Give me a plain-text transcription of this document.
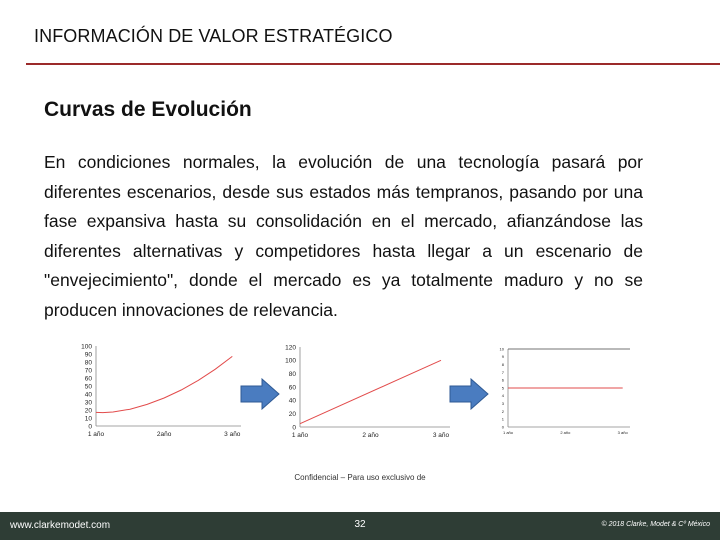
INFORMACIÓN DE VALOR ESTRATÉGICO
Curvas de Evolución
En condiciones normales, la evolución de una tecnología pasará por diferentes escenarios, desde sus estados más tempranos, pasando por una fase expansiva hasta su consolidación en el mercado, afianzándose las diferentes alternativas y competidores hasta llegar a un escenario de "envejecimiento", donde el mercado es ya totalmente maduro y no se producen innovaciones de relevancia.
0
10
20
30
40
50
60
70
80
90
100
1 año	2año	3 año
0
20
40
60
80
100
120
1 año	2 año	3 año
0
1
2
3
4
5
6
7
8
9
10
1 año	2 año	3 año
Confidencial – Para uso exclusivo de
www.clarkemodet.com	32	© 2018 Clarke, Modet & Cº México
